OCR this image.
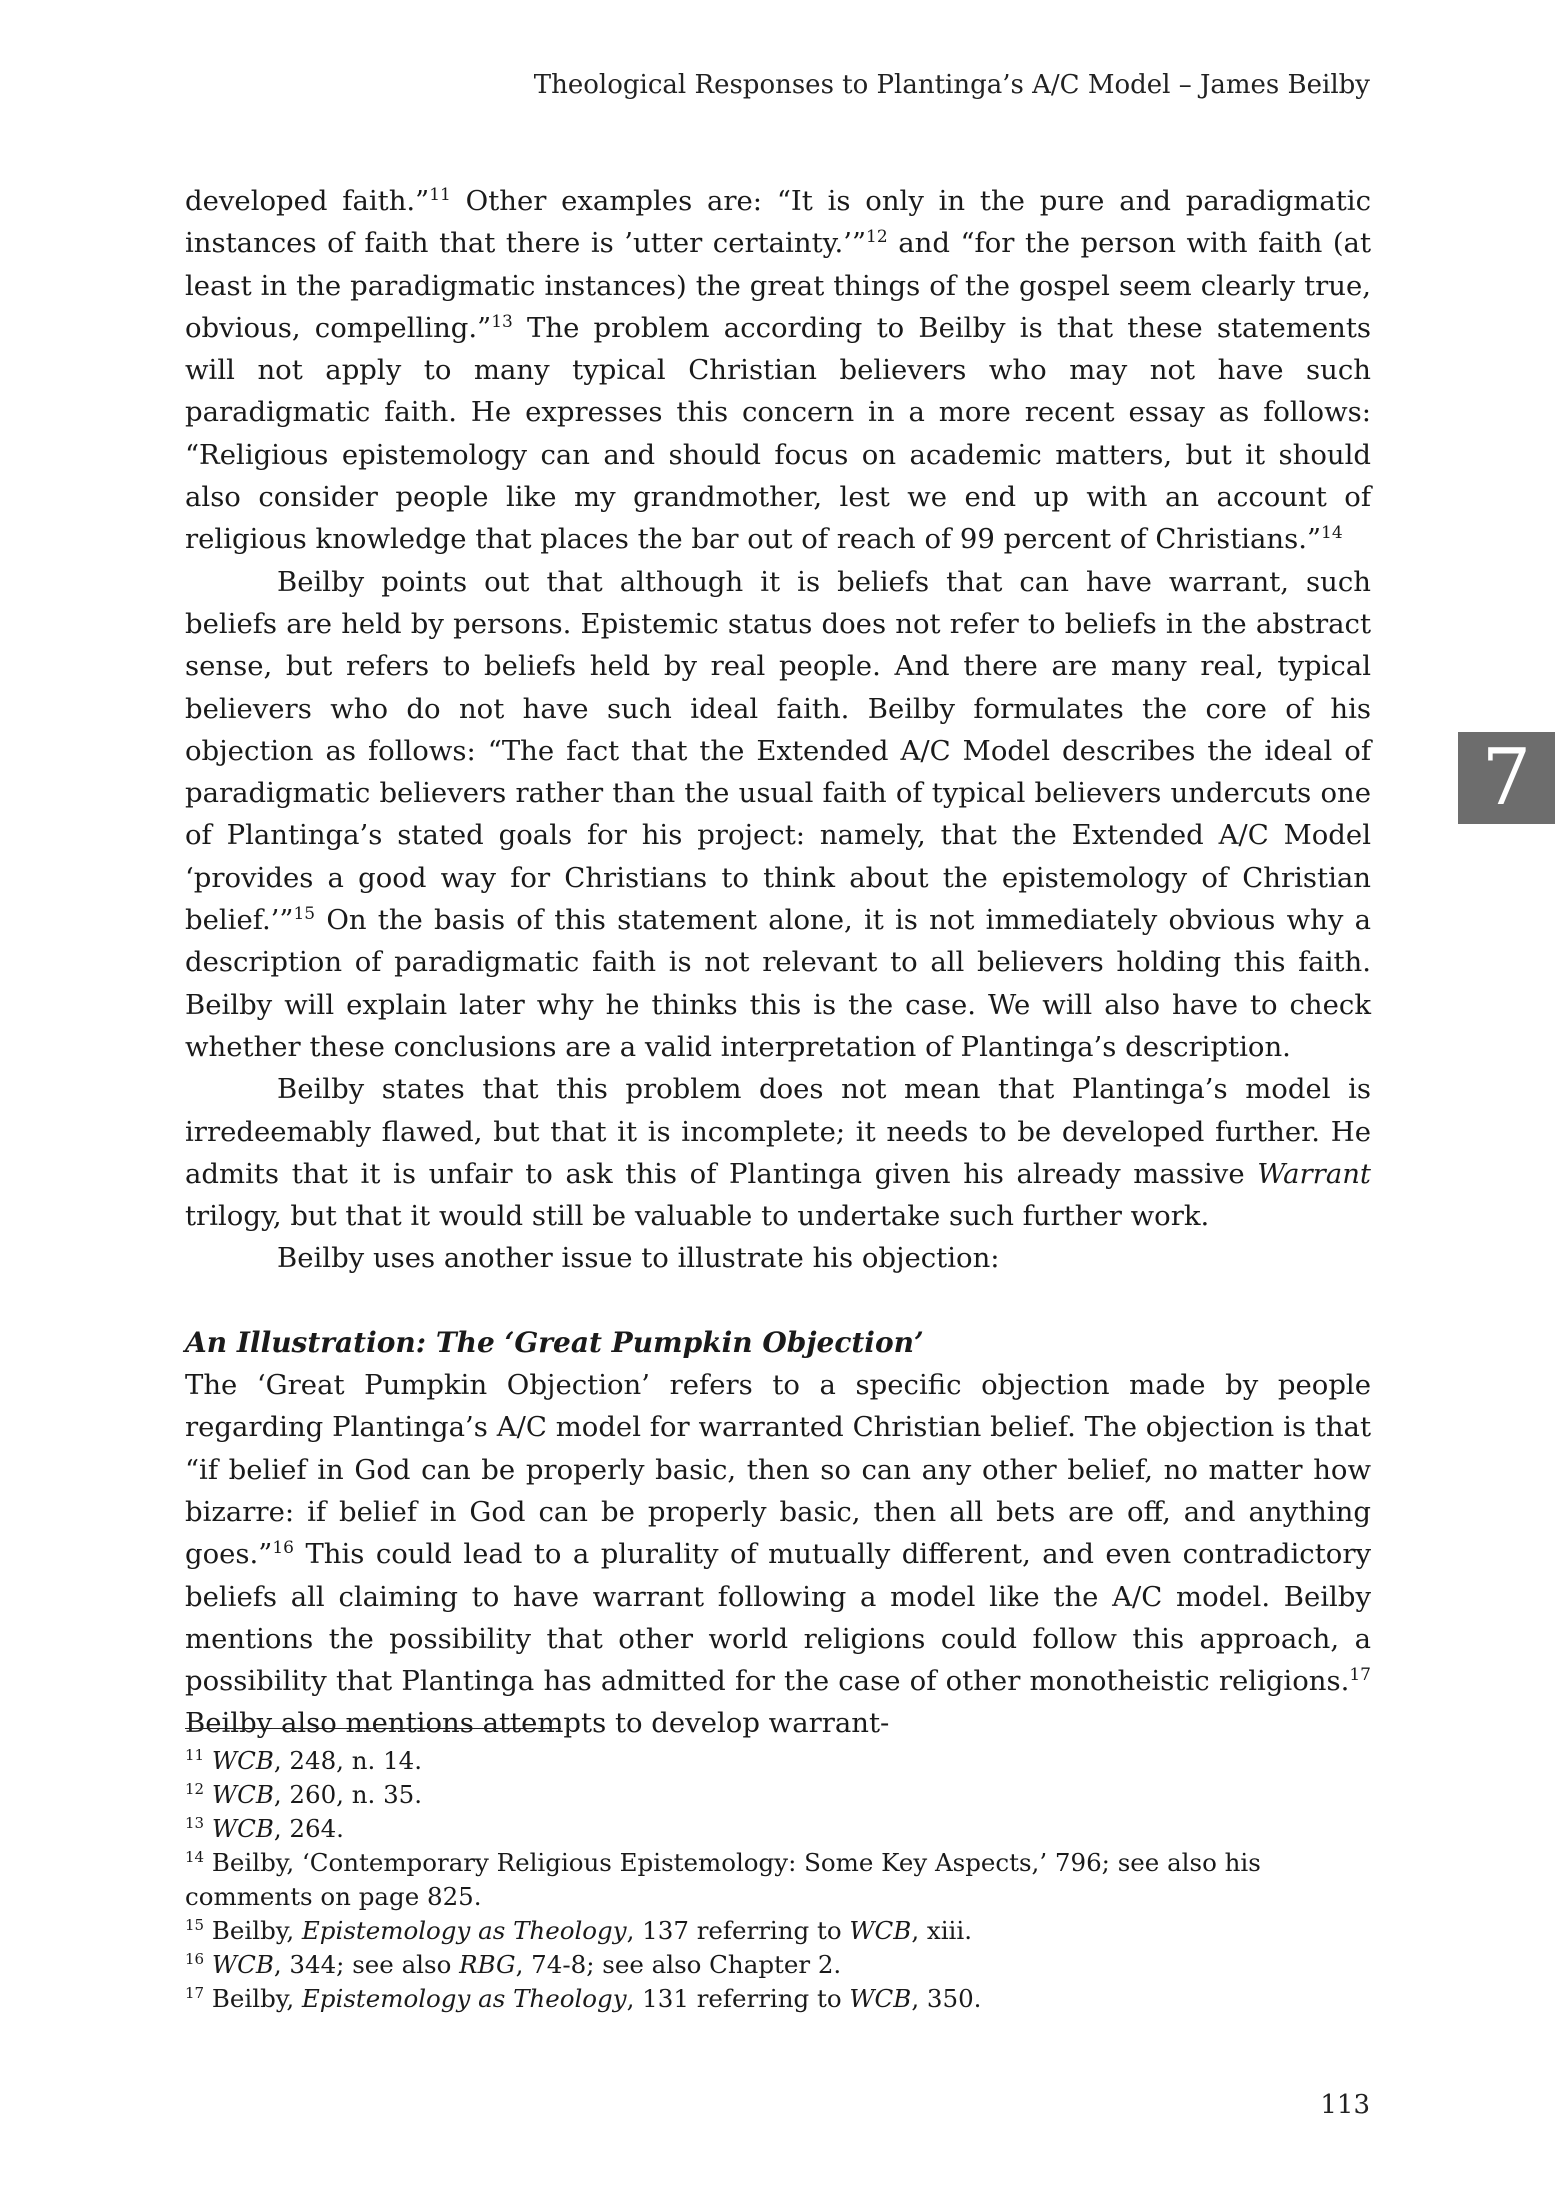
Theological Responses to Plantinga’s A/C Model – James Beilby

developed faith.”$^{11}$ Other examples are: “It is only in the pure and paradigmatic instances of faith that there is ’utter certainty.’”$^{12}$ and “for the person with faith (at least in the paradigmatic instances) the great things of the gospel seem clearly true, obvious, compelling.”$^{13}$ The problem according to Beilby is that these statements will not apply to many typical Christian believers who may not have such paradigmatic faith. He expresses this concern in a more recent essay as follows: “Religious epistemology can and should focus on academic matters, but it should also consider people like my grandmother, lest we end up with an account of religious knowledge that places the bar out of reach of 99 percent of Christians.”$^{14}$

Beilby points out that although it is beliefs that can have warrant, such beliefs are held by persons. Epistemic status does not refer to beliefs in the abstract sense, but refers to beliefs held by real people. And there are many real, typical believers who do not have such ideal faith. Beilby formulates the core of his objection as follows: “The fact that the Extended A/C Model describes the ideal of paradigmatic believers rather than the usual faith of typical believers undercuts one of Plantinga’s stated goals for his project: namely, that the Extended A/C Model ‘provides a good way for Christians to think about the epistemology of Christian belief.’”$^{15}$ On the basis of this statement alone, it is not immediately obvious why a description of paradigmatic faith is not relevant to all believers holding this faith. Beilby will explain later why he thinks this is the case. We will also have to check whether these conclusions are a valid interpretation of Plantinga’s description.

Beilby states that this problem does not mean that Plantinga’s model is irredeemably flawed, but that it is incomplete; it needs to be developed further. He admits that it is unfair to ask this of Plantinga given his already massive Warrant trilogy, but that it would still be valuable to undertake such further work.

Beilby uses another issue to illustrate his objection:

An Illustration: The ‘Great Pumpkin Objection’

The ‘Great Pumpkin Objection’ refers to a specific objection made by people regarding Plantinga’s A/C model for warranted Christian belief. The objection is that “if belief in God can be properly basic, then so can any other belief, no matter how bizarre: if belief in God can be properly basic, then all bets are off, and anything goes.”$^{16}$ This could lead to a plurality of mutually different, and even contradictory beliefs all claiming to have warrant following a model like the A/C model. Beilby mentions the possibility that other world religions could follow this approach, a possibility that Plantinga has admitted for the case of other monotheistic religions.$^{17}$ Beilby also mentions attempts to develop warrant-

7

$^{11}$ WCB, 248, n. 14.

$^{12}$ WCB, 260, n. 35.

$^{13}$ WCB, 264.

$^{14}$ Beilby, ‘Contemporary Religious Epistemology: Some Key Aspects,’ 796; see also his comments on page 825.

$^{15}$ Beilby, Epistemology as Theology, 137 referring to WCB, xiii.

$^{16}$ WCB, 344; see also RBG, 74-8; see also Chapter 2.

$^{17}$ Beilby, Epistemology as Theology, 131 referring to WCB, 350.

113
